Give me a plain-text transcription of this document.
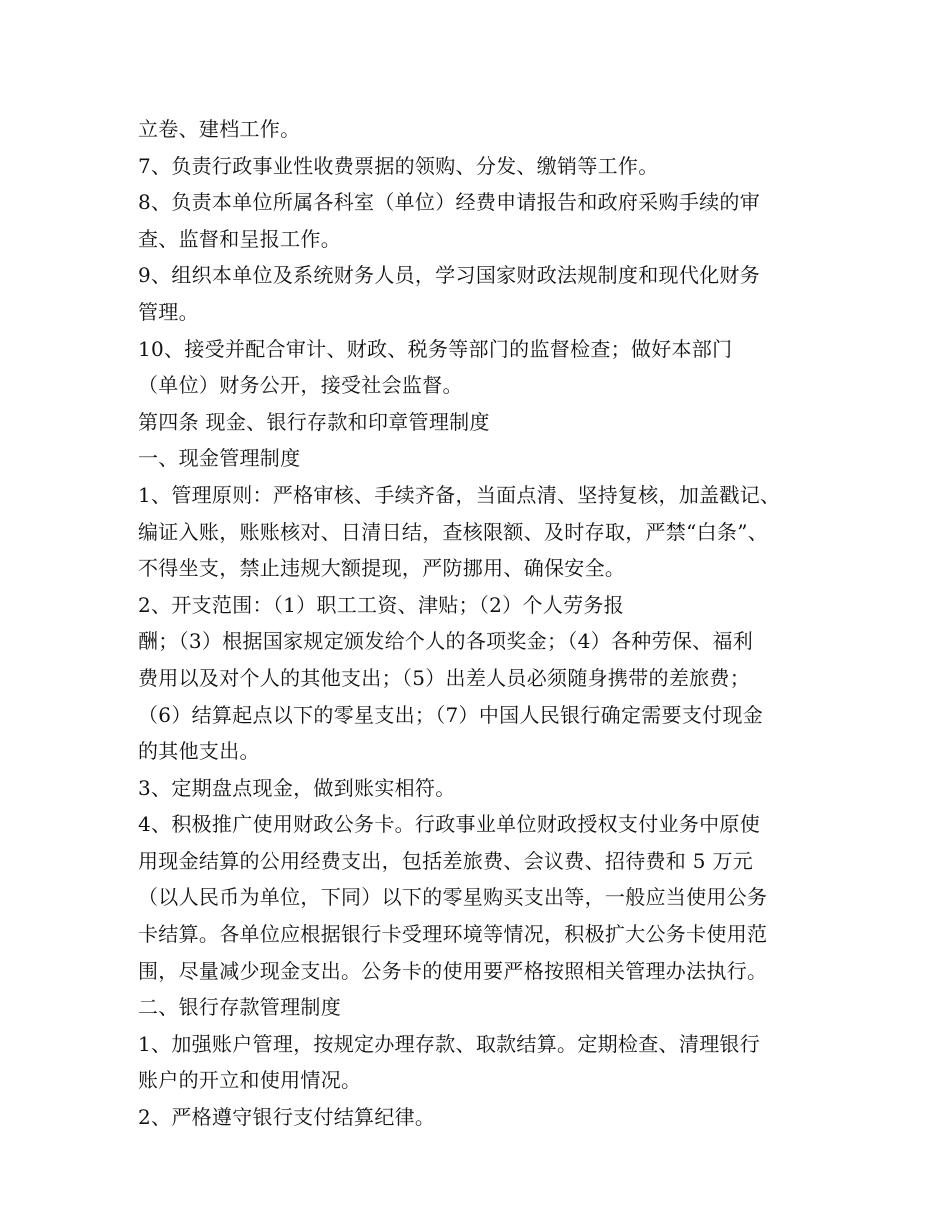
立卷、建档工作。
7、负责行政事业性收费票据的领购、分发、缴销等工作。
8、负责本单位所属各科室（单位）经费申请报告和政府采购手续的审
查、监督和呈报工作。
9、组织本单位及系统财务人员，学习国家财政法规制度和现代化财务
管理。
10、接受并配合审计、财政、税务等部门的监督检查；做好本部门
（单位）财务公开，接受社会监督。
第四条 现金、银行存款和印章管理制度
一、现金管理制度
1、管理原则：严格审核、手续齐备，当面点清、坚持复核，加盖戳记、
编证入账，账账核对、日清日结，查核限额、及时存取，严禁“白条”、
不得坐支，禁止违规大额提现，严防挪用、确保安全。
2、开支范围：（1）职工工资、津贴；（2）个人劳务报
酬；（3）根据国家规定颁发给个人的各项奖金；（4）各种劳保、福利
费用以及对个人的其他支出；（5）出差人员必须随身携带的差旅费；
（6）结算起点以下的零星支出；（7）中国人民银行确定需要支付现金
的其他支出。
3、定期盘点现金，做到账实相符。
4、积极推广使用财政公务卡。行政事业单位财政授权支付业务中原使
用现金结算的公用经费支出，包括差旅费、会议费、招待费和 5 万元
（以人民币为单位，下同）以下的零星购买支出等，一般应当使用公务
卡结算。各单位应根据银行卡受理环境等情况，积极扩大公务卡使用范
围，尽量减少现金支出。公务卡的使用要严格按照相关管理办法执行。
二、银行存款管理制度
1、加强账户管理，按规定办理存款、取款结算。定期检查、清理银行
账户的开立和使用情况。
2、严格遵守银行支付结算纪律。
